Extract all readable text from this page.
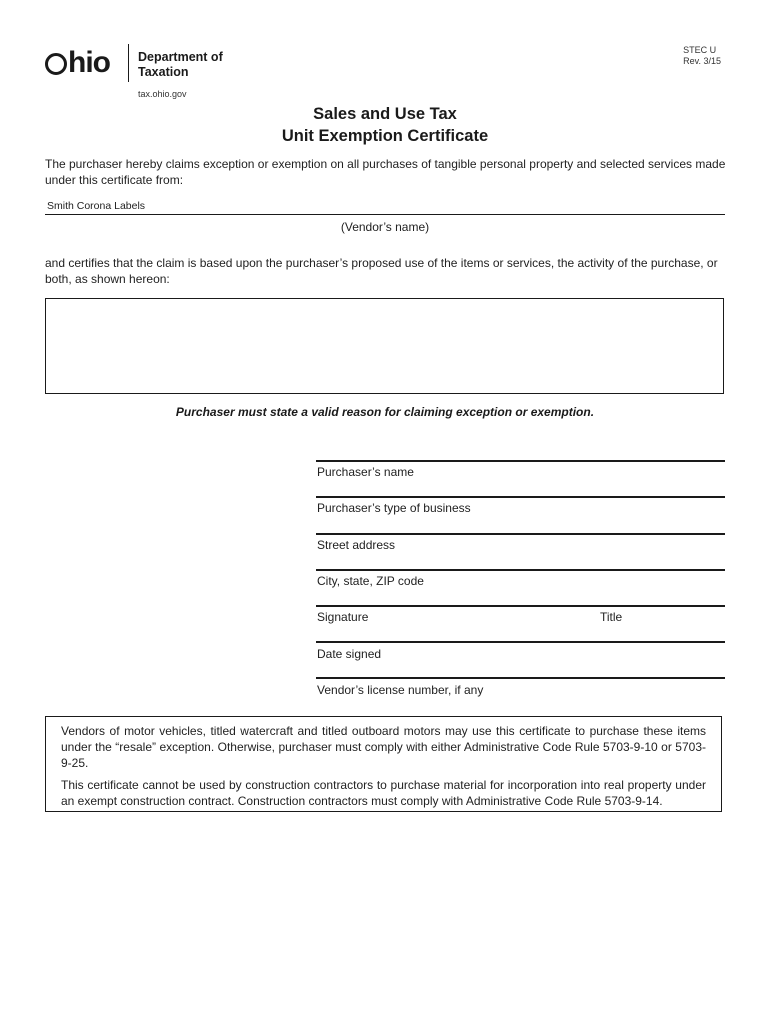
hio Department of
Taxation
tax.ohio.gov
STEC U
Rev. 3/15
Sales and Use Tax
Unit Exemption Certificate
The purchaser hereby claims exception or exemption on all purchases of tangible personal property and selected services made under this certificate from:
Smith Corona Labels
(Vendor’s name)
and certifies that the claim is based upon the purchaser’s proposed use of the items or services, the activity of the purchase, or both, as shown hereon:
Purchaser must state a valid reason for claiming exception or exemption.
Purchaser’s name
Purchaser’s type of business
Street address
City, state, ZIP code
Signature	Title
Date signed
Vendor’s license number, if any

Vendors of motor vehicles, titled watercraft and titled outboard motors may use this certificate to purchase these items under the “resale” exception. Otherwise, purchaser must comply with either Administrative Code Rule 5703-9-10 or 5703-9-25.

This certificate cannot be used by construction contractors to purchase material for incorporation into real property under an exempt construction contract. Construction contractors must comply with Administrative Code Rule 5703-9-14.
